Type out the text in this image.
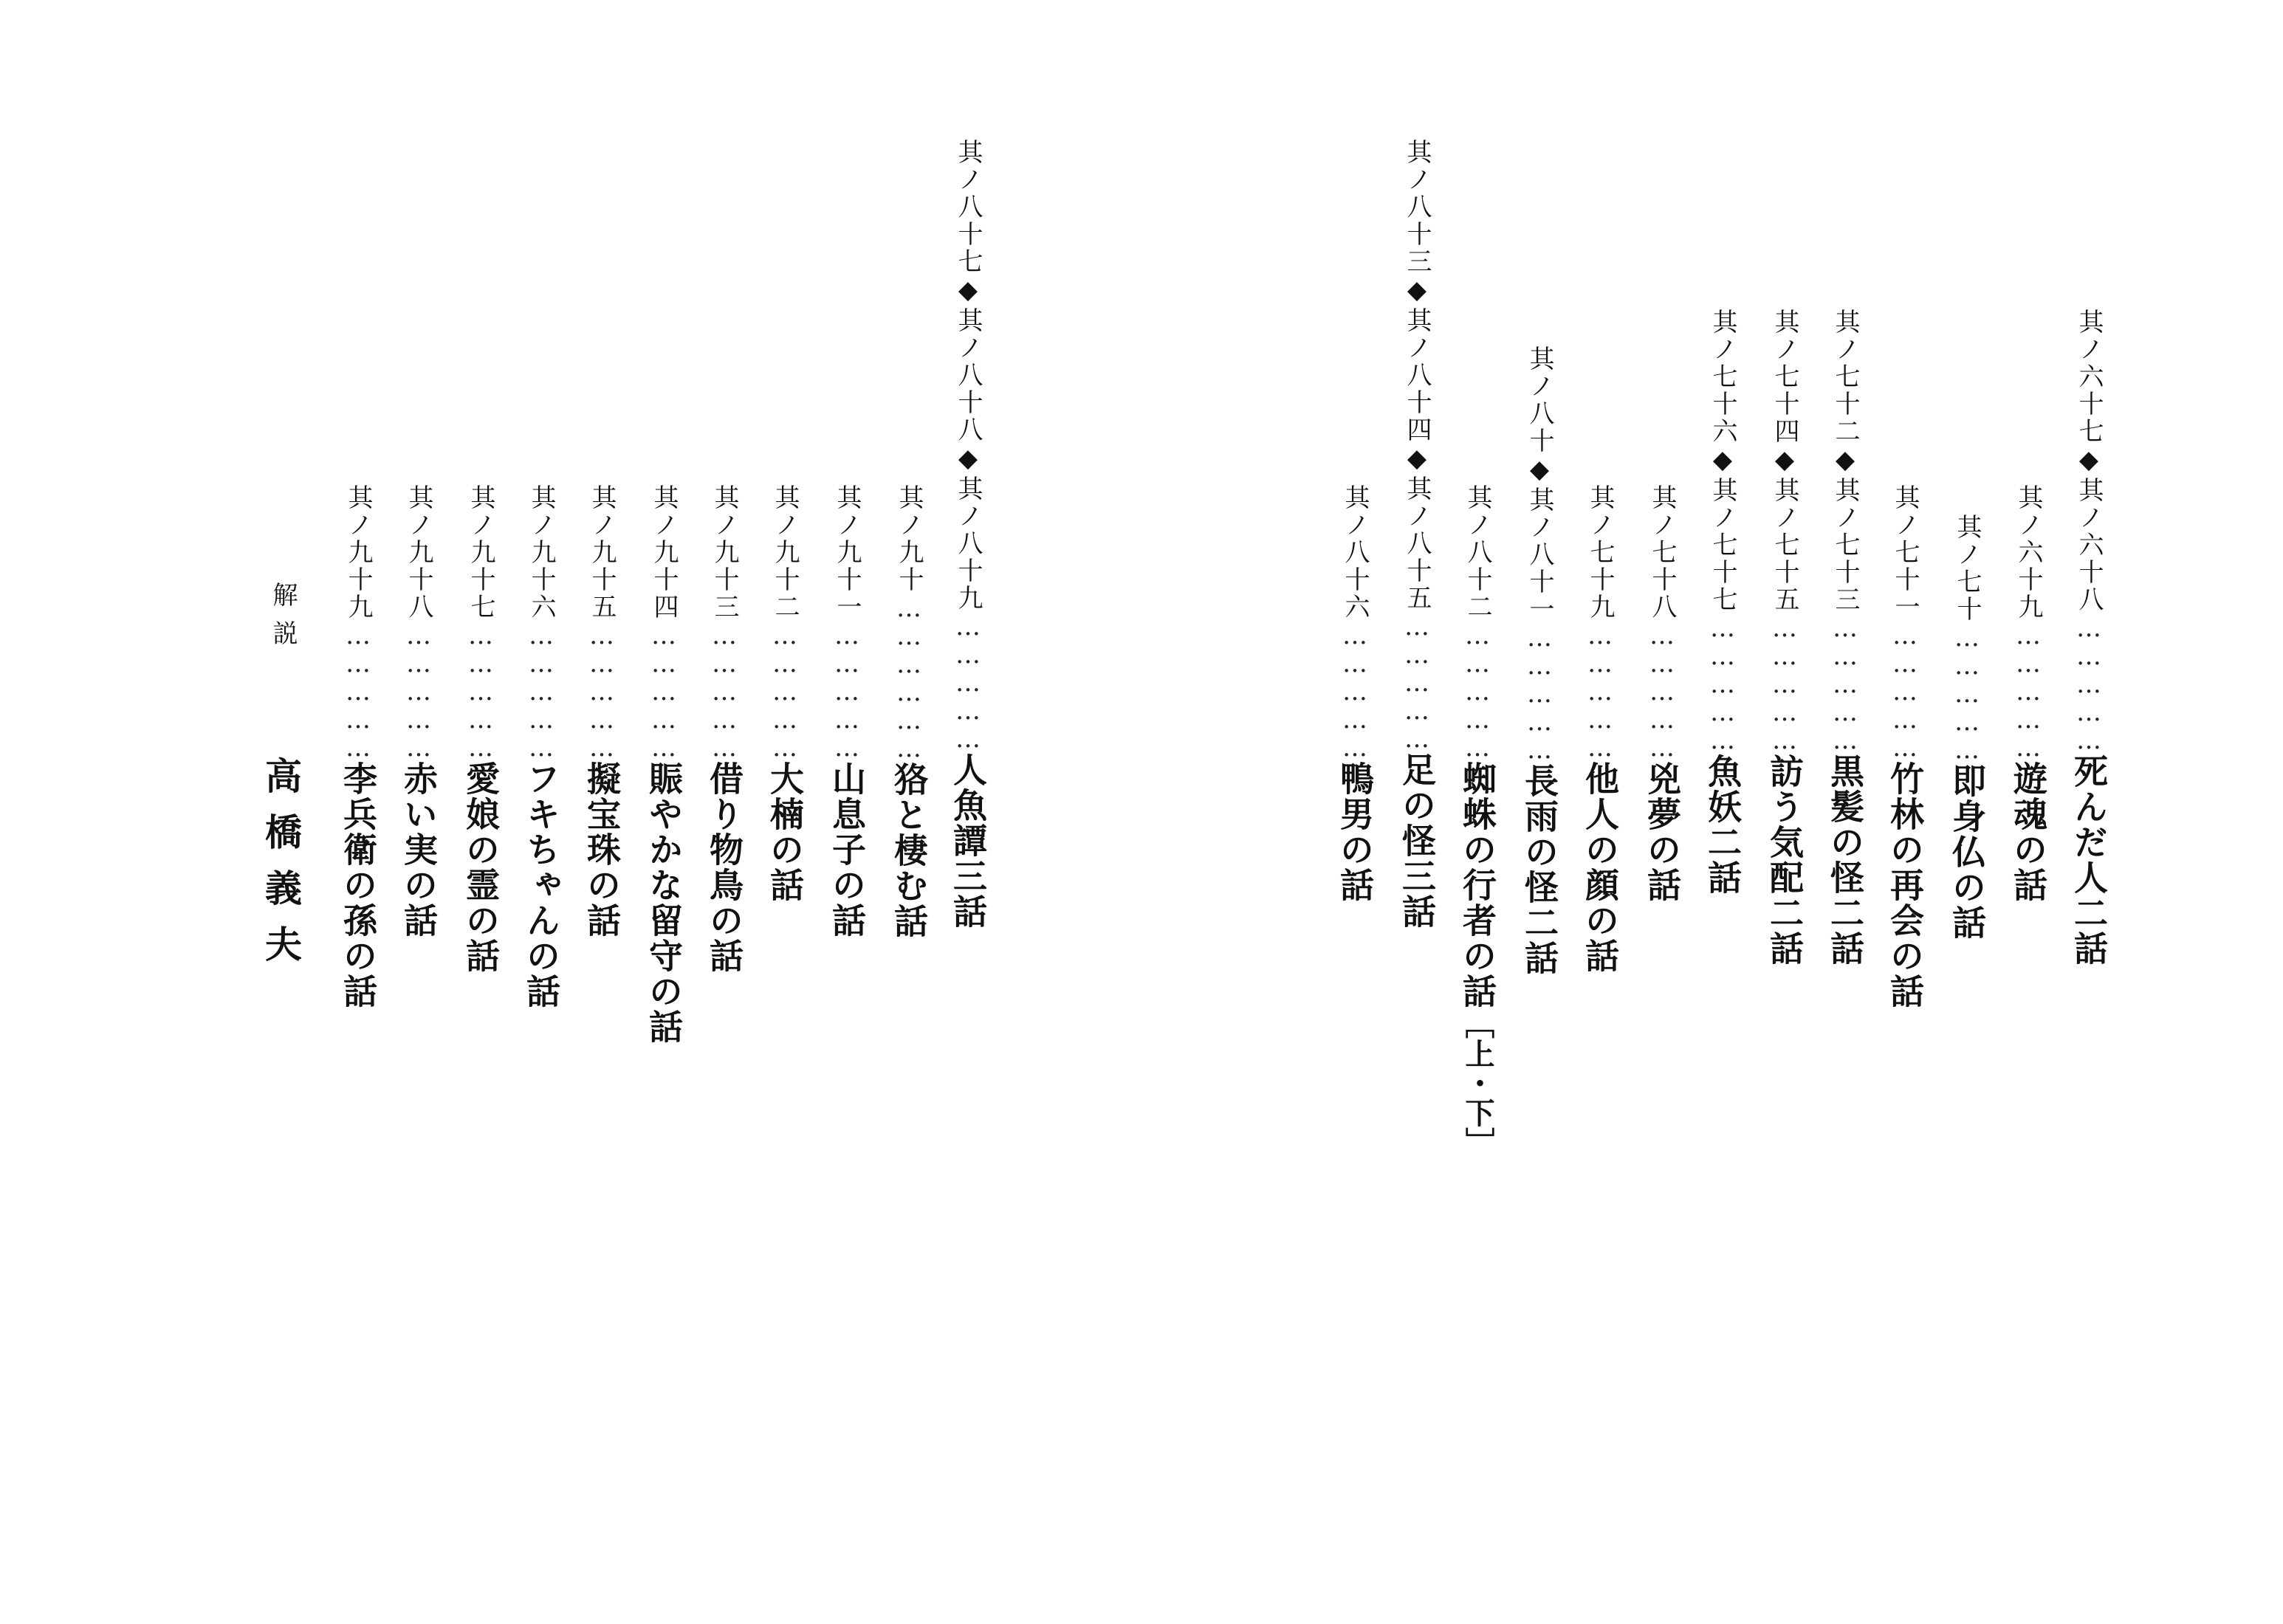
其ノ六十七◆其ノ六十八……………死んだ人二話
其ノ六十九……………遊魂の話
其ノ七十……………即身仏の話
其ノ七十一……………竹林の再会の話
其ノ七十二◆其ノ七十三……………黒髪の怪二話
其ノ七十四◆其ノ七十五……………訪う気配二話
其ノ七十六◆其ノ七十七……………魚妖二話
其ノ七十八……………兇夢の話
其ノ七十九……………他人の顔の話
其ノ八十◆其ノ八十一……………長雨の怪二話
其ノ八十二……………蜘蛛の行者の話［上・下］
其ノ八十三◆其ノ八十四◆其ノ八十五……………足の怪三話
其ノ八十六……………鴨男の話
其ノ八十七◆其ノ八十八◆其ノ八十九……………人魚譚三話
其ノ九十………………狢と棲む話
其ノ九十一……………山息子の話
其ノ九十二……………大楠の話
其ノ九十三……………借り物鳥の話
其ノ九十四……………賑やかな留守の話
其ノ九十五……………擬宝珠の話
其ノ九十六……………フキちゃんの話
其ノ九十七……………愛娘の霊の話
其ノ九十八……………赤い実の話
其ノ九十九……………李兵衛の孫の話
解説
高橋義夫
